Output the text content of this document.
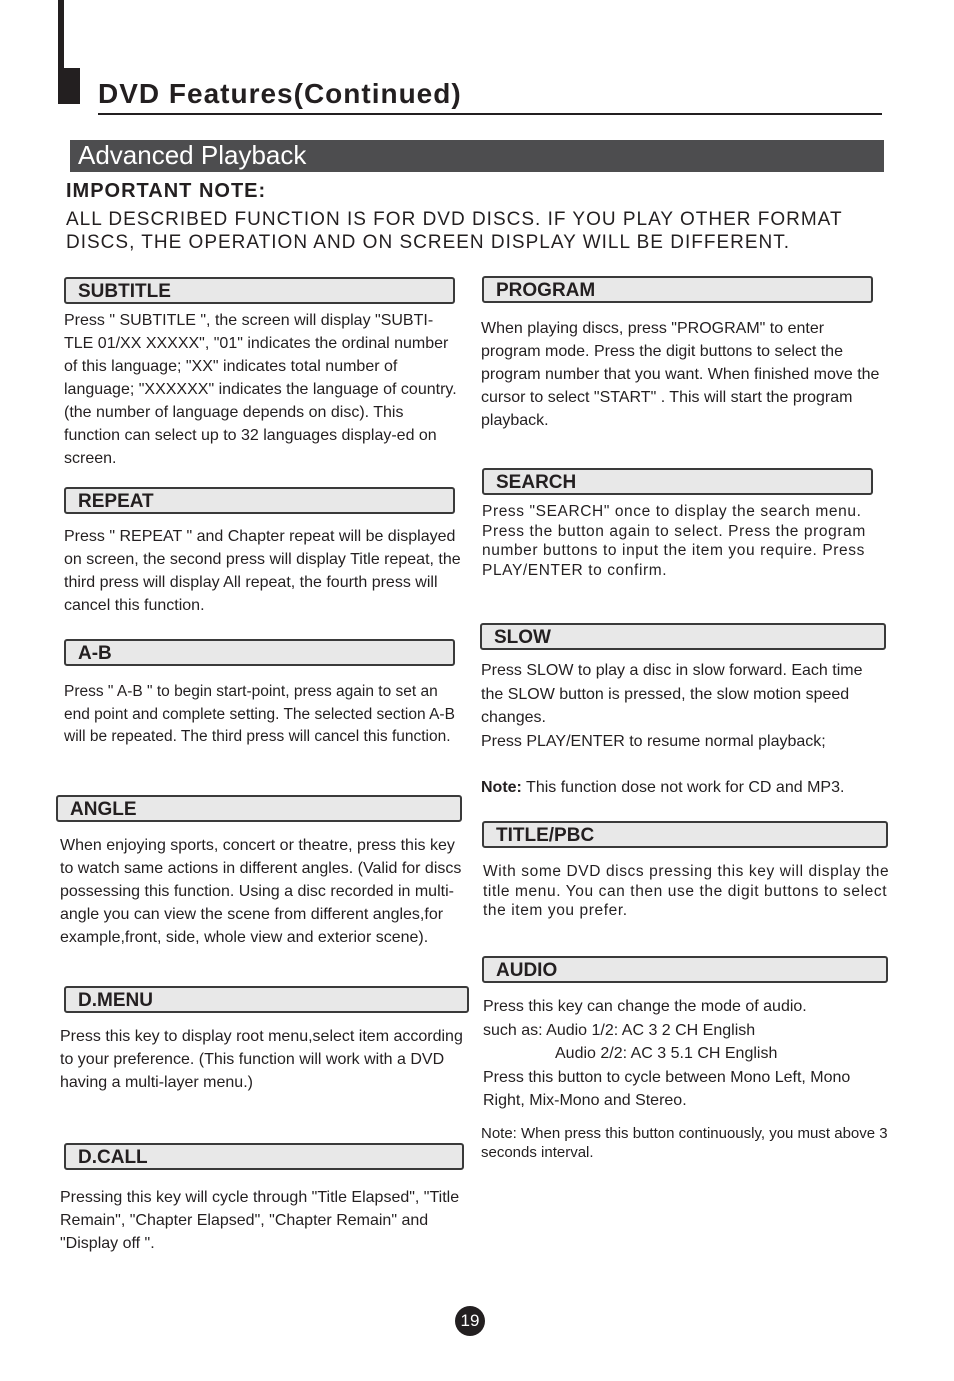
DVD Features(Continued)
Advanced Playback
IMPORTANT NOTE:
ALL DESCRIBED FUNCTION IS FOR DVD DISCS. IF YOU PLAY OTHER FORMAT DISCS, THE OPERATION AND ON SCREEN DISPLAY WILL BE DIFFERENT.
SUBTITLE

Press " SUBTITLE ", the screen will display "SUBTI-TLE 01/XX XXXXX", "01" indicates the ordinal number of this language; "XX" indicates total number of language; "XXXXXX" indicates the language of country. (the number of language depends on disc). This function can select up to 32 languages display-ed on screen.

REPEAT

Press " REPEAT " and Chapter repeat will be displayed on screen, the second press will display Title repeat, the third press will display All repeat, the fourth press will cancel this function.

A-B

Press " A-B " to begin start-point, press again to set an end point and complete setting. The selected section A-B will be repeated. The third press will cancel this function.

ANGLE

When enjoying sports, concert or theatre, press this key to watch same actions in different angles. (Valid for discs possessing this function. Using a disc recorded in multi-angle you can view the scene from different angles,for example,front, side, whole view and exterior scene).

D.MENU

Press this key to display root menu,select item according to your preference. (This function will work with a DVD having a multi-layer menu.)

D.CALL

Pressing this key will cycle through "Title Elapsed", "Title Remain", "Chapter Elapsed", "Chapter Remain" and "Display off ".

PROGRAM

When playing discs, press "PROGRAM" to enter program mode. Press the digit buttons to select the program number that you want. When finished move the cursor to select "START" . This will start the program playback.

SEARCH

Press "SEARCH" once to display the search menu. Press the button again to select. Press the program number buttons to input the item you require. Press PLAY/ENTER to confirm.

SLOW

Press SLOW to play a disc in slow forward. Each time the SLOW button is pressed, the slow motion speed changes.

Press PLAY/ENTER to resume normal playback;

Note: This function dose not work for CD and MP3.

TITLE/PBC

With some DVD discs pressing this key will display the title menu. You can then use the digit buttons to select the item you prefer.

AUDIO

Press this key can change the mode of audio.

such as: Audio 1/2: AC 3 2 CH English

Audio 2/2: AC 3 5.1 CH English

Press this button to cycle between Mono Left, Mono Right, Mix-Mono and Stereo.

Note: When press this button continuously, you must above 3 seconds interval.

19
